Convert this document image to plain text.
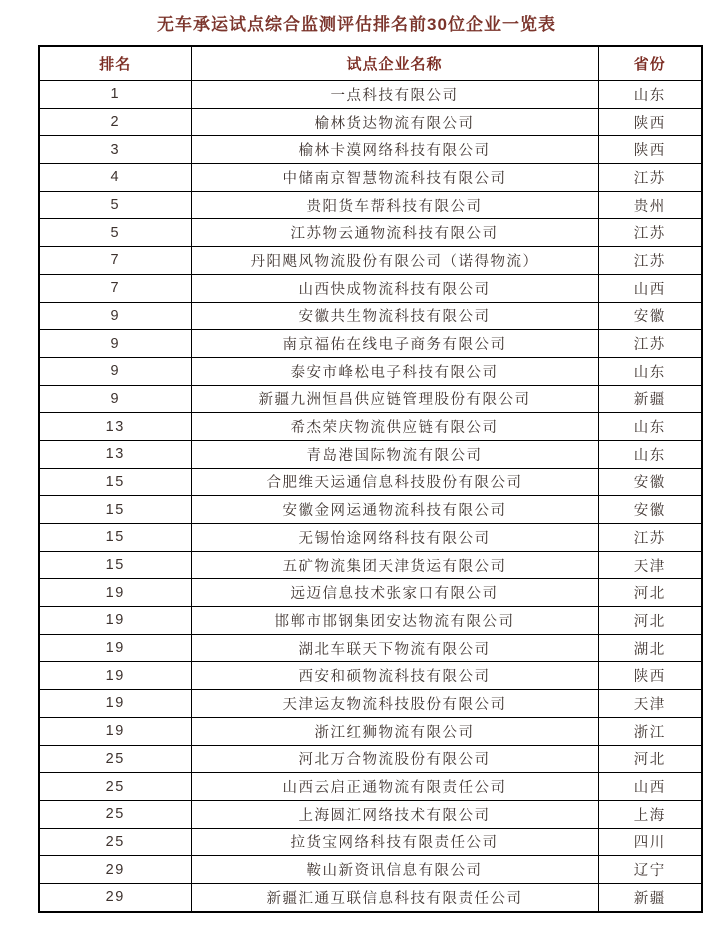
无车承运试点综合监测评估排名前30位企业一览表
排名	试点企业名称	省份
1	一点科技有限公司	山东
2	榆林货达物流有限公司	陕西
3	榆林卡漠网络科技有限公司	陕西
4	中储南京智慧物流科技有限公司	江苏
5	贵阳货车帮科技有限公司	贵州
5	江苏物云通物流科技有限公司	江苏
7	丹阳飓风物流股份有限公司（诺得物流）	江苏
7	山西快成物流科技有限公司	山西
9	安徽共生物流科技有限公司	安徽
9	南京福佑在线电子商务有限公司	江苏
9	泰安市峰松电子科技有限公司	山东
9	新疆九洲恒昌供应链管理股份有限公司	新疆
13	希杰荣庆物流供应链有限公司	山东
13	青岛港国际物流有限公司	山东
15	合肥维天运通信息科技股份有限公司	安徽
15	安徽金网运通物流科技有限公司	安徽
15	无锡怡途网络科技有限公司	江苏
15	五矿物流集团天津货运有限公司	天津
19	远迈信息技术张家口有限公司	河北
19	邯郸市邯钢集团安达物流有限公司	河北
19	湖北车联天下物流有限公司	湖北
19	西安和硕物流科技有限公司	陕西
19	天津运友物流科技股份有限公司	天津
19	浙江红狮物流有限公司	浙江
25	河北万合物流股份有限公司	河北
25	山西云启正通物流有限责任公司	山西
25	上海圆汇网络技术有限公司	上海
25	拉货宝网络科技有限责任公司	四川
29	鞍山新资讯信息有限公司	辽宁
29	新疆汇通互联信息科技有限责任公司	新疆
